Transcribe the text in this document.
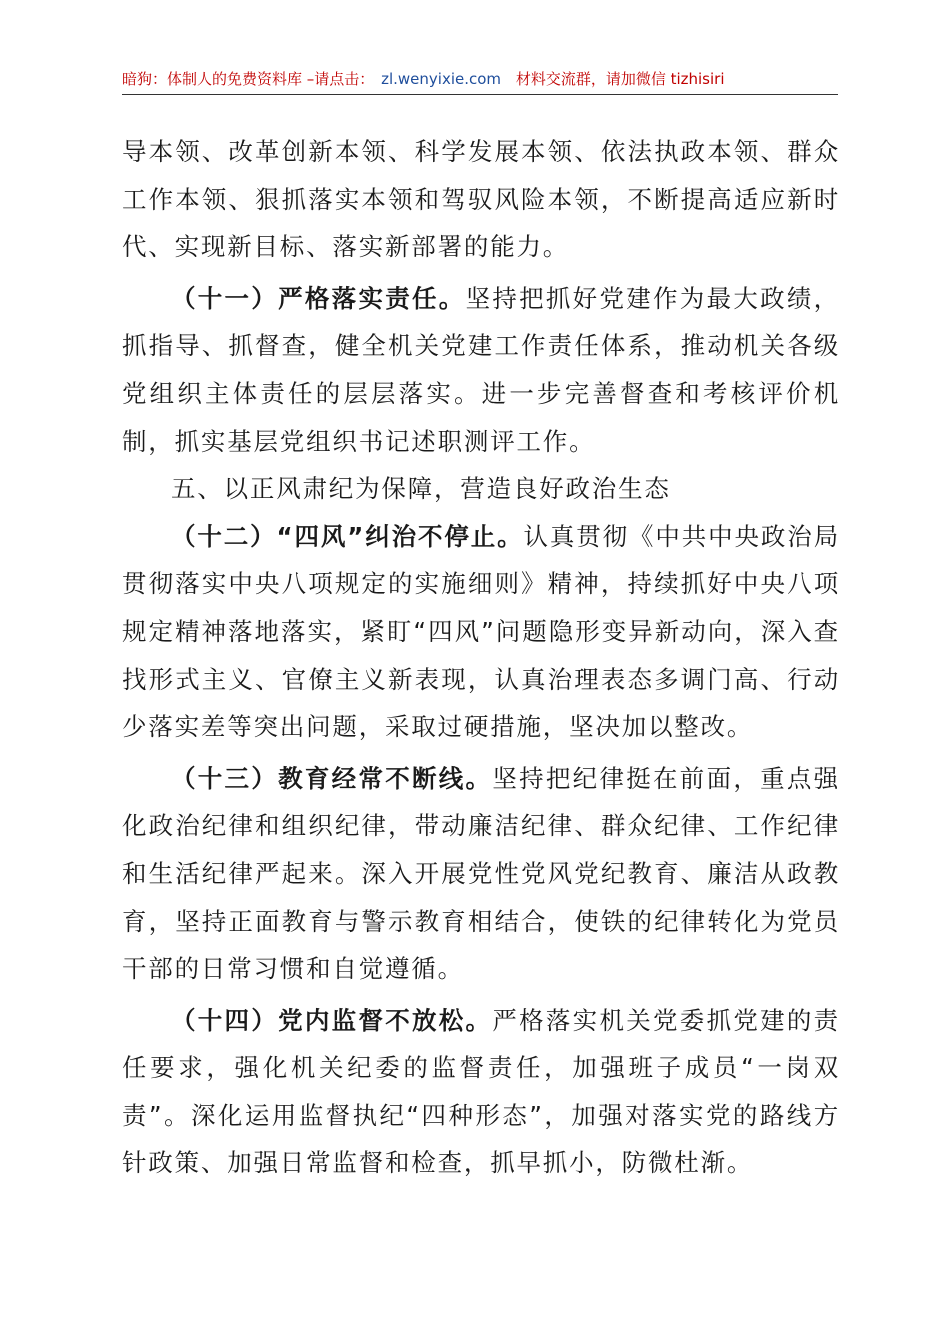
暗狗：体制人的免费资料库 –请点击： zl.wenyixie.com 材料交流群，请加微信 tizhisiri

导本领、改革创新本领、科学发展本领、依法执政本领、群众工作本领、狠抓落实本领和驾驭风险本领，不断提高适应新时代、实现新目标、落实新部署的能力。

（十一）严格落实责任。坚持把抓好党建作为最大政绩，抓指导、抓督查，健全机关党建工作责任体系，推动机关各级党组织主体责任的层层落实。进一步完善督查和考核评价机制，抓实基层党组织书记述职测评工作。

五、以正风肃纪为保障，营造良好政治生态

（十二）“四风”纠治不停止。认真贯彻《中共中央政治局贯彻落实中央八项规定的实施细则》精神，持续抓好中央八项规定精神落地落实，紧盯“四风”问题隐形变异新动向，深入查找形式主义、官僚主义新表现，认真治理表态多调门高、行动少落实差等突出问题，采取过硬措施，坚决加以整改。

（十三）教育经常不断线。坚持把纪律挺在前面，重点强化政治纪律和组织纪律，带动廉洁纪律、群众纪律、工作纪律和生活纪律严起来。深入开展党性党风党纪教育、廉洁从政教育，坚持正面教育与警示教育相结合，使铁的纪律转化为党员干部的日常习惯和自觉遵循。

（十四）党内监督不放松。严格落实机关党委抓党建的责任要求，强化机关纪委的监督责任，加强班子成员“一岗双责”。深化运用监督执纪“四种形态”，加强对落实党的路线方针政策、加强日常监督和检查，抓早抓小，防微杜渐。
